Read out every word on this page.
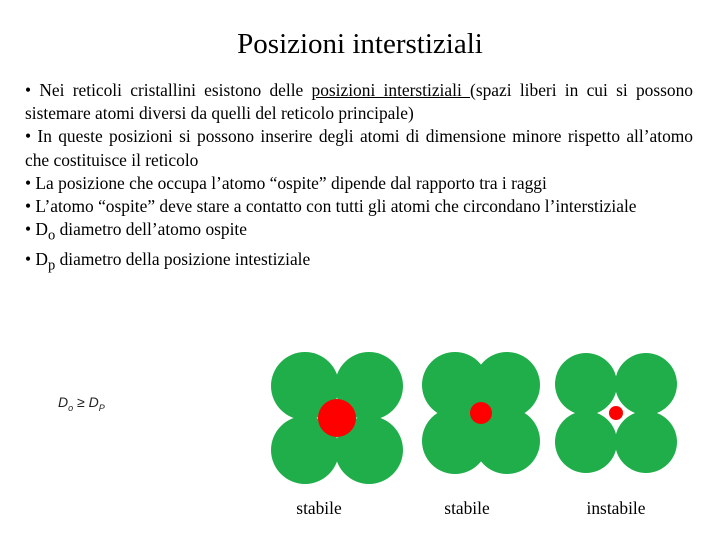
Posizioni interstiziali

• Nei reticoli cristallini esistono delle posizioni interstiziali (spazi liberi in cui si possono sistemare atomi diversi da quelli del reticolo principale)

• In queste posizioni si possono inserire degli atomi di dimensione minore rispetto all’atomo che costituisce il reticolo

• La posizione che occupa l’atomo “ospite” dipende dal rapporto tra i raggi

• L’atomo “ospite” deve stare a contatto con tutti gli atomi che circondano l’interstiziale

• $D_o$ diametro dell’atomo ospite

• $D_p$ diametro della posizione intestiziale

$D_o \ge D_P$
stabile	stabile	instabile
